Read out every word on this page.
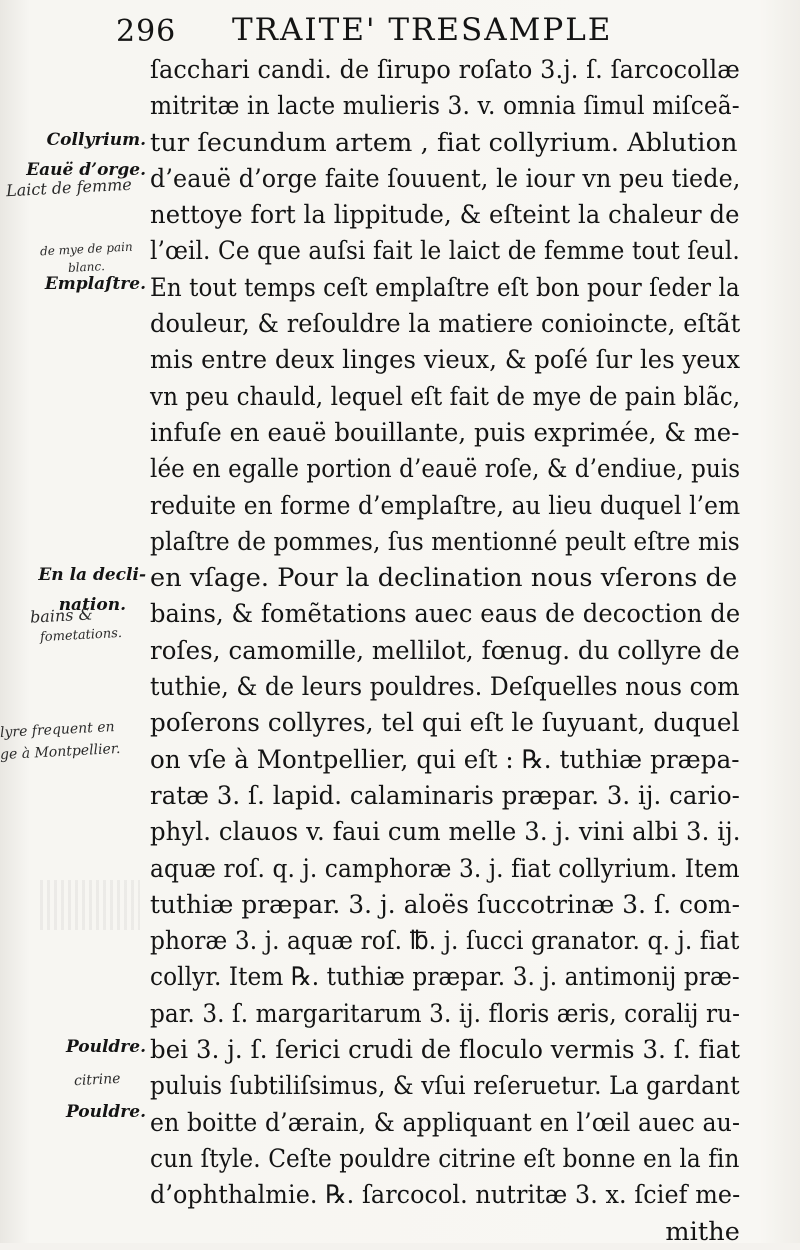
296 TRAITE' TRESAMPLE
ſacchari candi. de ſirupo roſato 3.j. ſ. ſarcocollæ
mitritæ in lacte mulieris 3. v. omnia ſimul miſceã-
tur ſecundum artem , fiat collyrium. Ablution
d’eauë d’orge faite ſouuent, le iour vn peu tiede,
nettoye fort la lippitude, & eſteint la chaleur de
l’œil. Ce que auſsi fait le laict de femme tout ſeul.
En tout temps ceſt emplaſtre eſt bon pour ſeder la
douleur, & reſouldre la matiere conioincte, eſtãt
mis entre deux linges vieux, & poſé ſur les yeux
vn peu chauld, lequel eſt fait de mye de pain blãc,
infuſe en eauë bouillante, puis exprimée, & me-
lée en egalle portion d’eauë roſe, & d’endiue, puis
reduite en forme d’emplaſtre, au lieu duquel l’em
plaſtre de pommes, ſus mentionné peult eſtre mis
en vſage. Pour la declination nous vſerons de
bains, & fomẽtations auec eaus de decoction de
roſes, camomille, mellilot, fœnug. du collyre de
tuthie, & de leurs pouldres. Deſquelles nous com
poſerons collyres, tel qui eſt le ſuyuant, duquel
on vſe à Montpellier, qui eſt : ℞. tuthiæ præpa-
ratæ 3. ſ. lapid. calaminaris præpar. 3. ij. cario-
phyl. clauos v. faui cum melle 3. j. vini albi 3. ij.
aquæ roſ. q. j. camphoræ 3. j. fiat collyrium. Item
tuthiæ præpar. 3. j. aloës ſuccotrinæ 3. ſ. com-
phoræ 3. j. aquæ roſ. ℔. j. ſucci granator. q. j. fiat
collyr. Item ℞. tuthiæ præpar. 3. j. antimonij præ-
par. 3. ſ. margaritarum 3. ij. floris æris, coralij ru-
bei 3. j. ſ. ſerici crudi de floculo vermis 3. ſ. fiat
puluis ſubtiliſsimus, & vſui reſeruetur. La gardant
en boitte d’ærain, & appliquant en l’œil auec au-
cun ſtyle. Ceſte pouldre citrine eſt bonne en la fin
d’ophthalmie. ℞. ſarcocol. nutritæ 3. x. ſcief me-
mithe
Collyrium.
Eauë d’orge.
Emplaſtre.
En la decli-
nation.
Pouldre.
Pouldre.
Laict de femme
de mye de pain
blanc.
bains &
fometations.
lyre frequent en
ge à Montpellier.
citrine
